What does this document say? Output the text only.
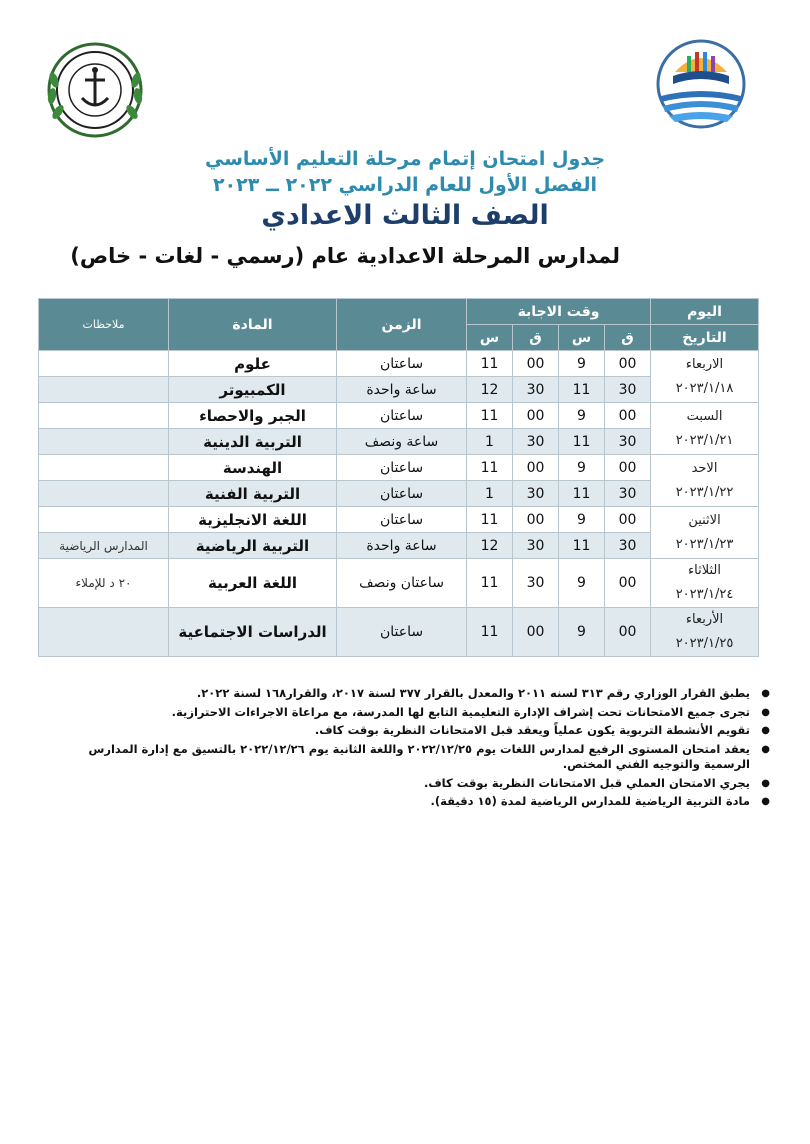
جدول امتحان إتمام مرحلة التعليم الأساسي
الفصل الأول للعام الدراسي ٢٠٢٢ ــ ٢٠٢٣
الصف الثالث الاعدادي
لمدارس المرحلة الاعدادية عام (رسمي - لغات - خاص)
اليوم	وقت الاجابة				الزمن	المادة	ملاحظات
التاريخ	ق	س	ق	س			
الاربعاء
٢٠٢٣/١/١٨	00	9	00	11	ساعتان	علوم	
	30	11	30	12	ساعة واحدة	الكمبيوتر	
السبت
٢٠٢٣/١/٢١	00	9	00	11	ساعتان	الجبر والاحصاء	
	30	11	30	1	ساعة ونصف	التربية الدينية	
الاحد
٢٠٢٣/١/٢٢	00	9	00	11	ساعتان	الهندسة	
	30	11	30	1	ساعتان	التربية الفنية	
الاثنين
٢٠٢٣/١/٢٣	00	9	00	11	ساعتان	اللغة الانجليزية	
	30	11	30	12	ساعة واحدة	التربية الرياضية	المدارس الرياضية
الثلاثاء
٢٠٢٣/١/٢٤	00	9	30	11	ساعتان ونصف	اللغة العربية	٢٠ د للإملاء
الأربعاء
٢٠٢٣/١/٢٥	00	9	00	11	ساعتان	الدراسات الاجتماعية	
● يطبق القرار الوزاري رقم ٣١٣ لسنه ٢٠١١ والمعدل بالقرار ٣٧٧ لسنة ٢٠١٧، والقرار١٦٨ لسنة ٢٠٢٢.
● تجرى جميع الامتحانات تحت إشراف الإدارة التعليمية التابع لها المدرسة، مع مراعاة الاجراءات الاحترازية.
● تقويم الأنشطة التربوية يكون عملياً ويعقد قبل الامتحانات النظرية بوقت كاف.
● يعقد امتحان المستوى الرفيع لمدارس اللغات يوم ٢٠٢٢/١٢/٢٥ واللغة الثانية يوم ٢٠٢٢/١٢/٢٦ بالتسيق مع إدارة المدارس الرسمية والتوجيه الفني المختص.
● يجري الامتحان العملي قبل الامتحانات النظرية بوقت كاف.
● مادة التربية الرياضية للمدارس الرياضية لمدة (١٥ دقيقة).
